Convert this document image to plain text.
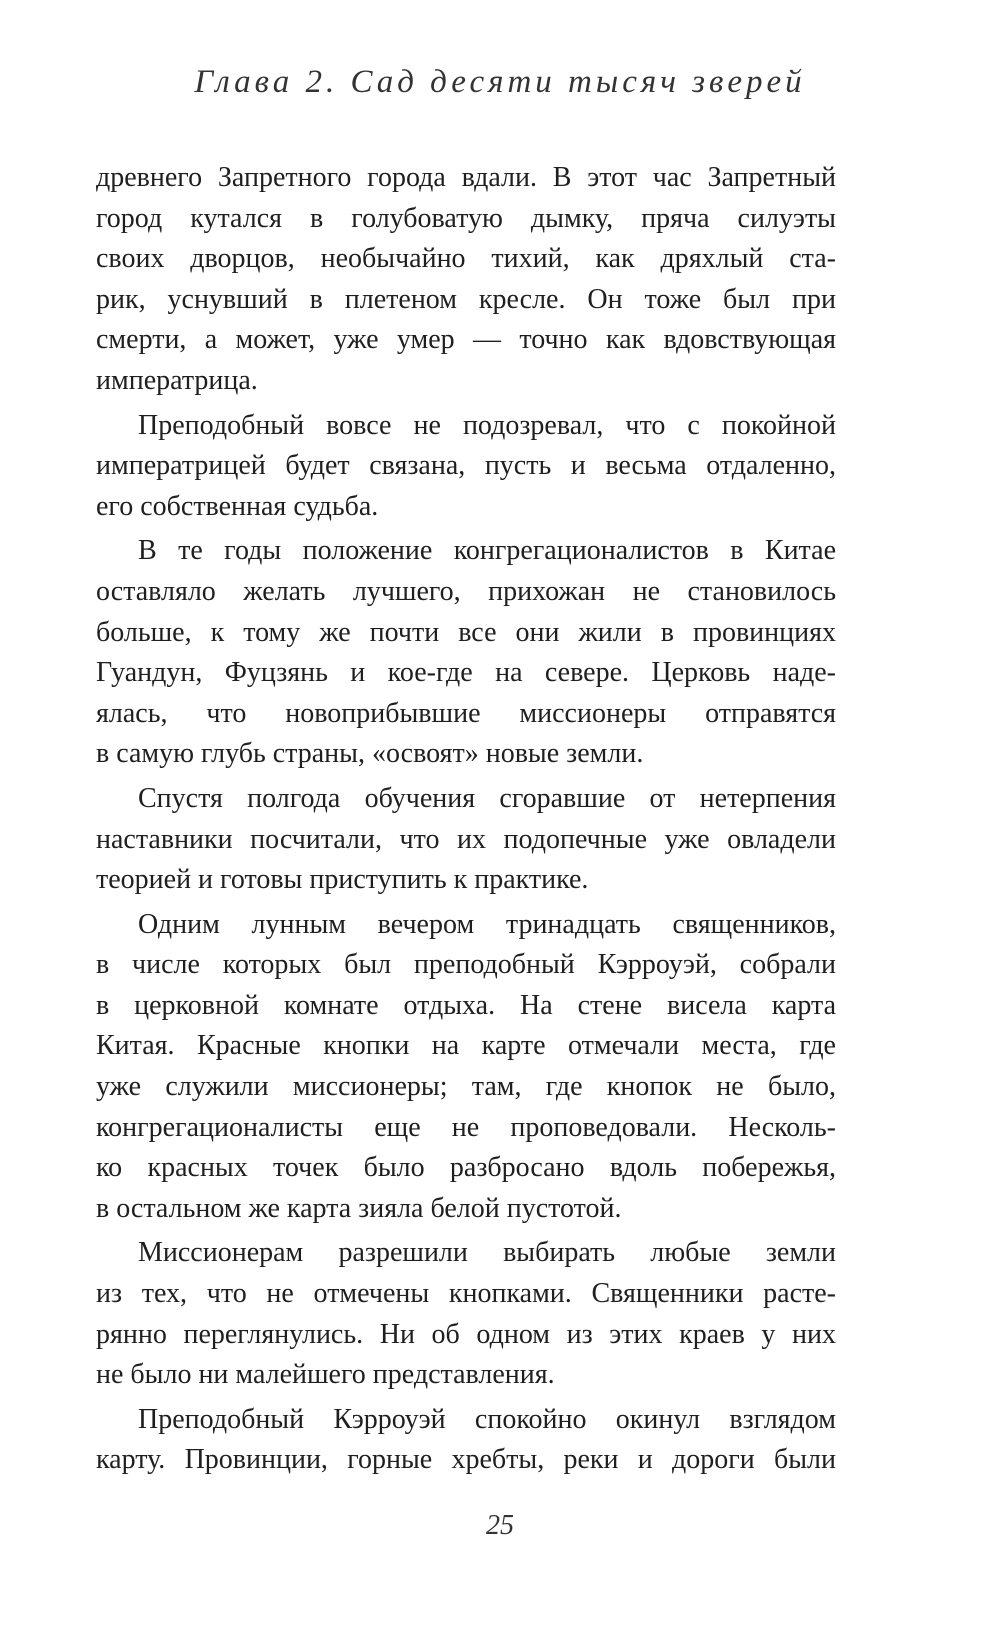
Глава 2. Сад десяти тысяч зверей
древнего Запретного города вдали. В этот час Запретный
город кутался в голубоватую дымку, пряча силуэты
своих дворцов, необычайно тихий, как дряхлый ста-
рик, уснувший в плетеном кресле. Он тоже был при
смерти, а может, уже умер — точно как вдовствующая
императрица.
Преподобный вовсе не подозревал, что с покойной
императрицей будет связана, пусть и весьма отдаленно,
его собственная судьба.
В те годы положение конгрегационалистов в Китае
оставляло желать лучшего, прихожан не становилось
больше, к тому же почти все они жили в провинциях
Гуандун, Фуцзянь и кое-где на севере. Церковь наде-
ялась, что новоприбывшие миссионеры отправятся
в самую глубь страны, «освоят» новые земли.
Спустя полгода обучения сгоравшие от нетерпения
наставники посчитали, что их подопечные уже овладели
теорией и готовы приступить к практике.
Одним лунным вечером тринадцать священников,
в числе которых был преподобный Кэрроуэй, собрали
в церковной комнате отдыха. На стене висела карта
Китая. Красные кнопки на карте отмечали места, где
уже служили миссионеры; там, где кнопок не было,
конгрегационалисты еще не проповедовали. Несколь-
ко красных точек было разбросано вдоль побережья,
в остальном же карта зияла белой пустотой.
Миссионерам разрешили выбирать любые земли
из тех, что не отмечены кнопками. Священники расте-
рянно переглянулись. Ни об одном из этих краев у них
не было ни малейшего представления.
Преподобный Кэрроуэй спокойно окинул взглядом
карту. Провинции, горные хребты, реки и дороги были
25
